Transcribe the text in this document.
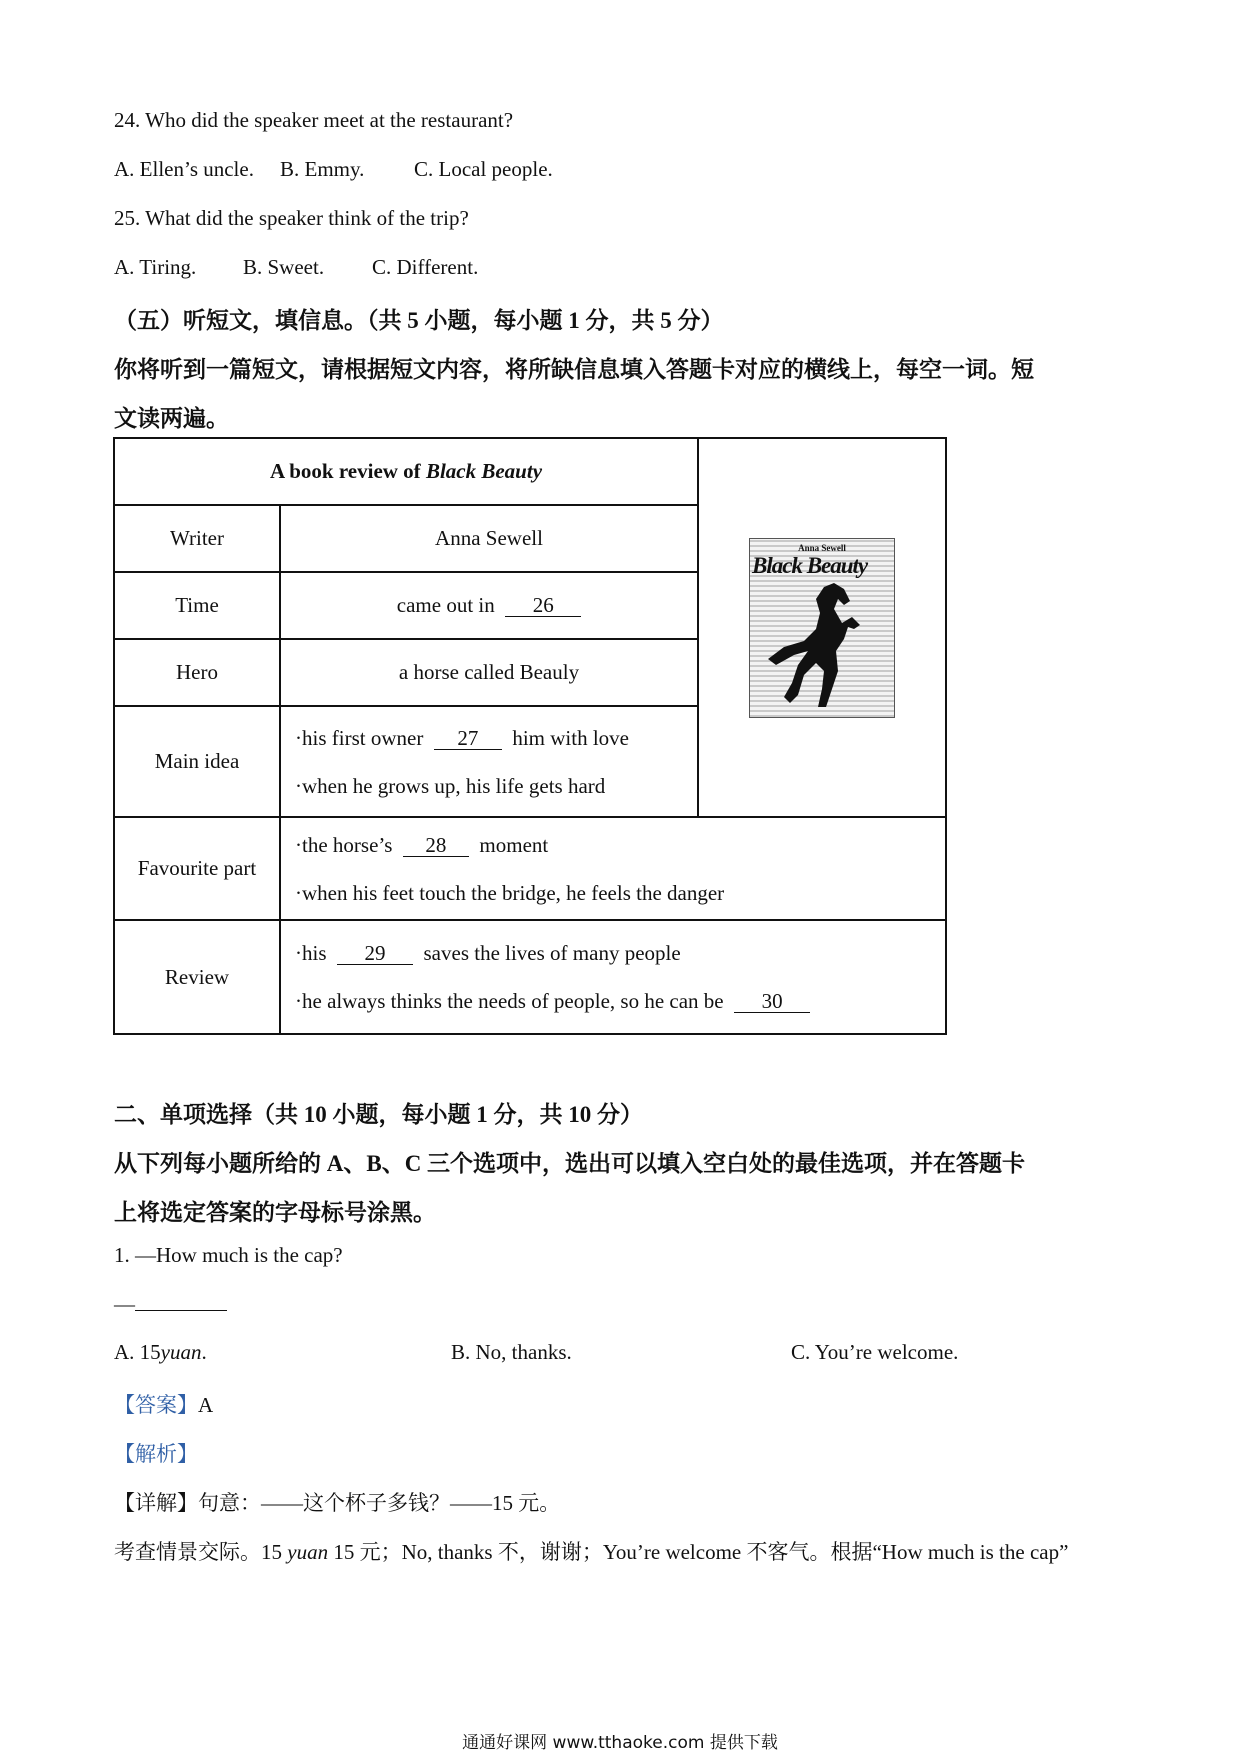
24. Who did the speaker meet at the restaurant?
A. Ellen’s uncle. B. Emmy. C. Local people.
25. What did the speaker think of the trip?
A. Tiring. B. Sweet. C. Different.
（五）听短文，填信息。（共 5 小题，每小题 1 分，共 5 分）
你将听到一篇短文，请根据短文内容，将所缺信息填入答题卡对应的横线上，每空一词。短
文读两遍。
A book review of Black Beauty		Anna Sewell
Black Beauty

Writer	Anna Sewell	
Time	came out in 26	
Hero	a horse called Beauly	
Main idea	·his first owner 27 him with love
·when he grows up, his life gets hard	

Favourite part	·the horse’s 28 moment
·when his feet touch the bridge, he feels the danger	

Review	·his 29 saves the lives of many people
·he always thinks the needs of people, so he can be 30	
二、单项选择（共 10 小题，每小题 1 分，共 10 分）
从下列每小题所给的 A、B、C 三个选项中，选出可以填入空白处的最佳选项，并在答题卡
上将选定答案的字母标号涂黑。
1. —How much is the cap?
—
A. 15yuan.	B. No, thanks.	C. You’re welcome.
【答案】A
【解析】
【详解】句意：——这个杯子多钱？——15 元。
考查情景交际。15 yuan 15 元；No, thanks 不，谢谢；You’re welcome 不客气。根据“How much is the cap”
通通好课网 www.tthaoke.com 提供下载
